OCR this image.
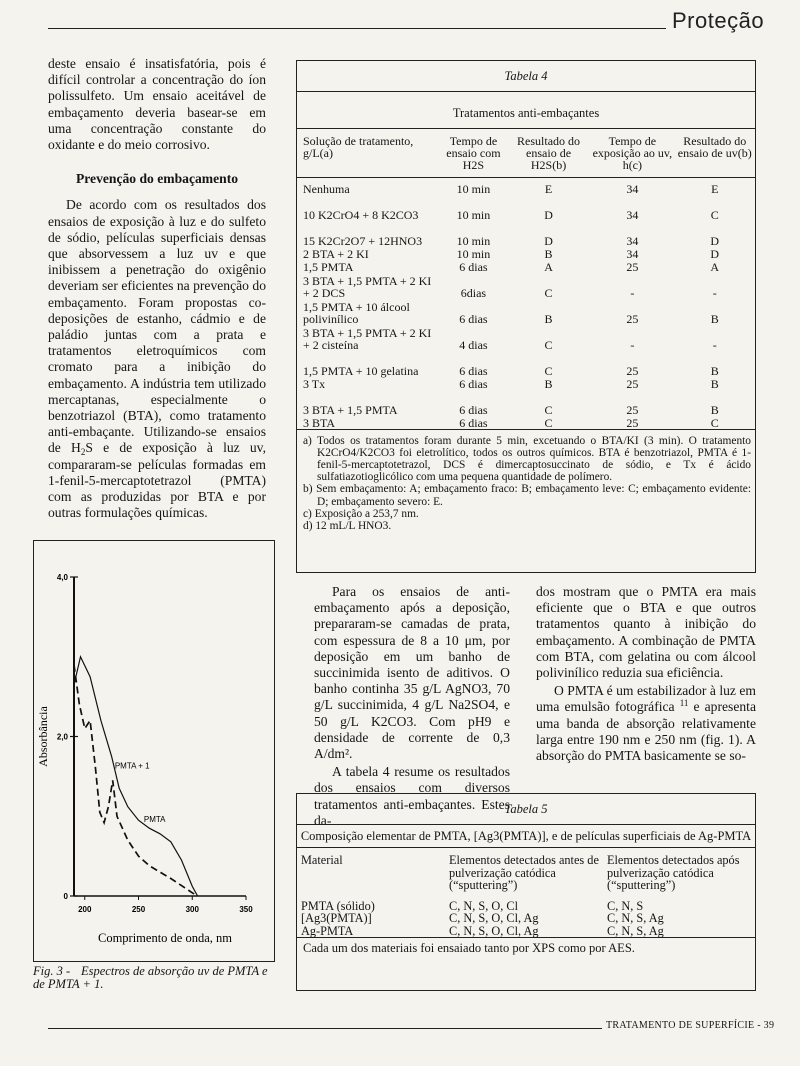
Proteção

deste ensaio é insatisfatória, pois é difícil controlar a concentração do íon polissulfeto. Um ensaio aceitável de embaçamento deveria basear-se em uma concentração constante do oxidante e do meio corrosivo.

Prevenção do embaçamento

De acordo com os resultados dos ensaios de exposição à luz e do sulfeto de sódio, películas superficiais densas que absorvessem a luz uv e que inibissem a penetração do oxigênio deveriam ser eficientes na prevenção do embaçamento. Foram propostas co-deposições de estanho, cádmio e de paládio juntas com a prata e tratamentos eletroquímicos com cromato para a inibição do embaçamento. A indústria tem utilizado mercaptanas, especialmente o benzotriazol (BTA), como tratamento anti-embaçante. Utilizando-se ensaios de $H_2S$ e de exposição à luz uv, compararam-se películas formadas em 1-fenil-5-mercaptotetrazol (PMTA) com as produzidas por BTA e por outras formulações químicas.

4,0
2,0
0
200	250	300	350
Absorbância
Comprimento de onda, nm
PMTA + 1
PMTA
Fig. 3 - Espectros de absorção uv de PMTA e de PMTA + 1.
Tabela 4
Tratamentos anti-embaçantes
Solução de tratamento, g/L(a)	Tempo de ensaio com H2S	Resultado do ensaio de H2S(b)	Tempo de exposição ao uv, h(c)	Resultado do ensaio de uv(b)
Nenhuma	10 min	E	34	E
10 K2CrO4 + 8 K2CO3	10 min	D	34	C
15 K2Cr2O7 + 12HNO3	10 min	D	34	D
2 BTA + 2 KI	10 min	B	34	D
1,5 PMTA	6 dias	A	25	A
3 BTA + 1,5 PMTA + 2 KI + 2 DCS	6dias	C	-	-
1,5 PMTA + 10 álcool polivinílico	6 dias	B	25	B
3 BTA + 1,5 PMTA + 2 KI + 2 cisteína	4 dias	C	-	-
1,5 PMTA + 10 gelatina	6 dias	C	25	B
3 Tx	6 dias	B	25	B
3 BTA + 1,5 PMTA	6 dias	C	25	B
3 BTA	6 dias	C	25	C
a) Todos os tratamentos foram durante 5 min, excetuando o BTA/KI (3 min). O tratamento K2CrO4/K2CO3 foi eletrolítico, todos os outros químicos. BTA é benzotriazol, PMTA é 1-fenil-5-mercaptotetrazol, DCS é dimercaptosuccinato de sódio, e Tx é ácido sulfatiazotioglicólico com uma pequena quantidade de polímero.
b) Sem embaçamento: A; embaçamento fraco: B; embaçamento leve: C; embaçamento evidente: D; embaçamento severo: E.
c) Exposição a 253,7 nm.
d) 12 mL/L HNO3.

Para os ensaios de anti-embaçamento após a deposição, prepararam-se camadas de prata, com espessura de 8 a 10 μm, por deposição em um banho de succinimida isento de aditivos. O banho continha 35 g/L AgNO3, 70 g/L succinimida, 4 g/L Na2SO4, e 50 g/L K2CO3. Com pH9 e densidade de corrente de 0,3 A/dm².

A tabela 4 resume os resultados dos ensaios com diversos tratamentos anti-embaçantes. Estes da-

dos mostram que o PMTA era mais eficiente que o BTA e que outros tratamentos quanto à inibição do embaçamento. A combinação de PMTA com BTA, com gelatina ou com álcool polivinílico reduzia sua eficiência.

O PMTA é um estabilizador à luz em uma emulsão fotográfica $^{11}$ e apresenta uma banda de absorção relativamente larga entre 190 nm e 250 nm (fig. 1). A absorção do PMTA basicamente se so-

Tabela 5
Composição elementar de PMTA, [Ag3(PMTA)], e de películas superficiais de Ag-PMTA
Material	Elementos detectados antes de pulverização catódica (“sputtering”)	Elementos detectados após pulverização catódica (“sputtering”)
PMTA (sólido)	C, N, S, O, Cl	C, N, S
[Ag3(PMTA)]	C, N, S, O, Cl, Ag	C, N, S, Ag
Ag-PMTA	C, N, S, O, Cl, Ag	C, N, S, Ag
Cada um dos materiais foi ensaiado tanto por XPS como por AES.
TRATAMENTO DE SUPERFÍCIE - 39
